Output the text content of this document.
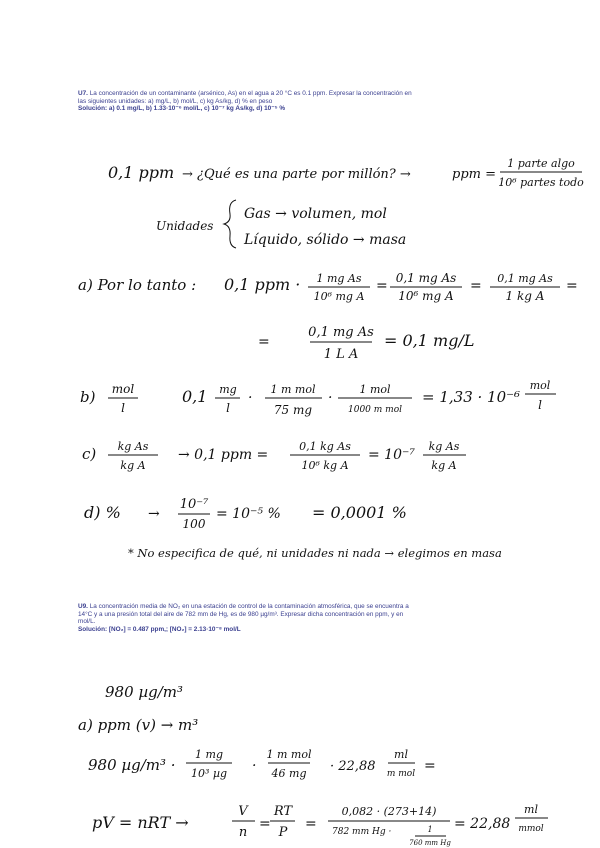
U7. La concentración de un contaminante (arsénico, As) en el agua a 20 °C es 0.1 ppm. Expresar la concentración en las siguientes unidades: a) mg/L, b) mol/L, c) kg As/kg, d) % en peso
Solución: a) 0.1 mg/L, b) 1.33·10⁻⁶ mol/L, c) 10⁻⁷ kg As/kg, d) 10⁻⁵ %
U9. La concentración media de NO₂ en una estación de control de la contaminación atmosférica, que se encuentra a 14°C y a una presión total del aire de 782 mm de Hg, es de 980 µg/m³. Expresar dicha concentración en ppm, y en mol/L.
Solución: [NO₂] = 0.487 ppm,; [NO₂] = 2.13·10⁻⁸ mol/L
0,1 ppm → ¿Qué es una parte por millón? →	ppm =
1 parte algo
10⁶ partes todo
Unidades
Gas → volumen, mol
Líquido, sólido → masa
a) Por lo tanto : 0,1 ppm · 1 mg As
10⁶ mg A
= 0,1 mg As
10⁶ mg A
= 0,1 mg As
1 kg A
=
=
0,1 mg As
1 L A
= 0,1 mg/L
b) mol
l
0,1 mg
l
·
1 m mol
75 mg
·
1 mol
1000 m mol
= 1,33 · 10⁻⁶
mol
l
c) kg As
kg A
→ 0,1 ppm =
0,1 kg As
10⁶ kg A
= 10⁻⁷
kg As
kg A
d) % →
10⁻⁷
100
= 10⁻⁵ % = 0,0001 %
* No especifica de qué, ni unidades ni nada → elegimos en masa
980 µg/m³
a) ppm (v) → m³
980 µg/m³ ·
1 mg
10³ µg ·
1 m mol
46 mg · 22,88
ml
m mol =
pV = nRT →
V
n
=
RT
P
=
0,082 · (273+14)
782 mm Hg ·	1
760 mm Hg
= 22,88
ml
mmol
